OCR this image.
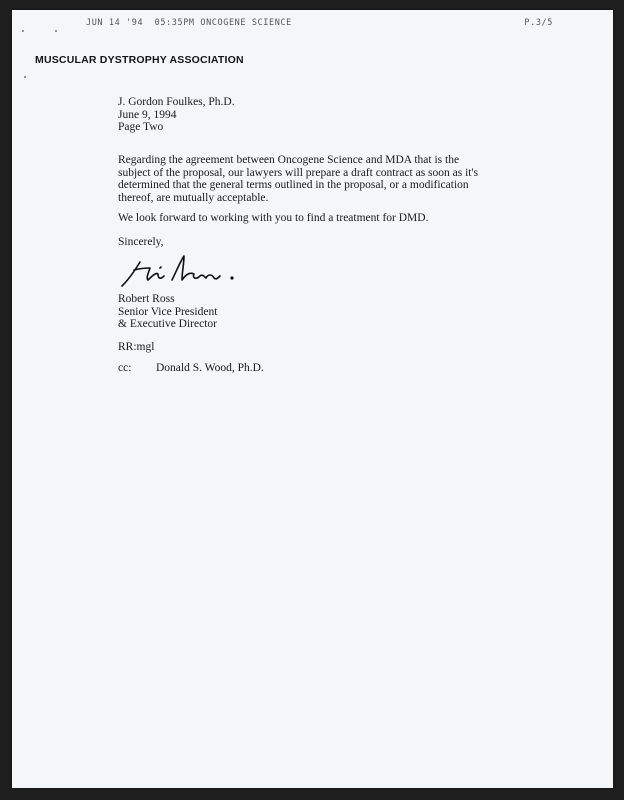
JUN 14 '94 05:35PM ONCOGENE SCIENCE	P.3/5
MUSCULAR DYSTROPHY ASSOCIATION
J. Gordon Foulkes, Ph.D.
June 9, 1994
Page Two
Regarding the agreement between Oncogene Science and MDA that is the
subject of the proposal, our lawyers will prepare a draft contract as soon as it's
determined that the general terms outlined in the proposal, or a modification
thereof, are mutually acceptable.
We look forward to working with you to find a treatment for DMD.
Sincerely,
Robert Ross
Senior Vice President
& Executive Director
RR:mgl
cc: Donald S. Wood, Ph.D.
